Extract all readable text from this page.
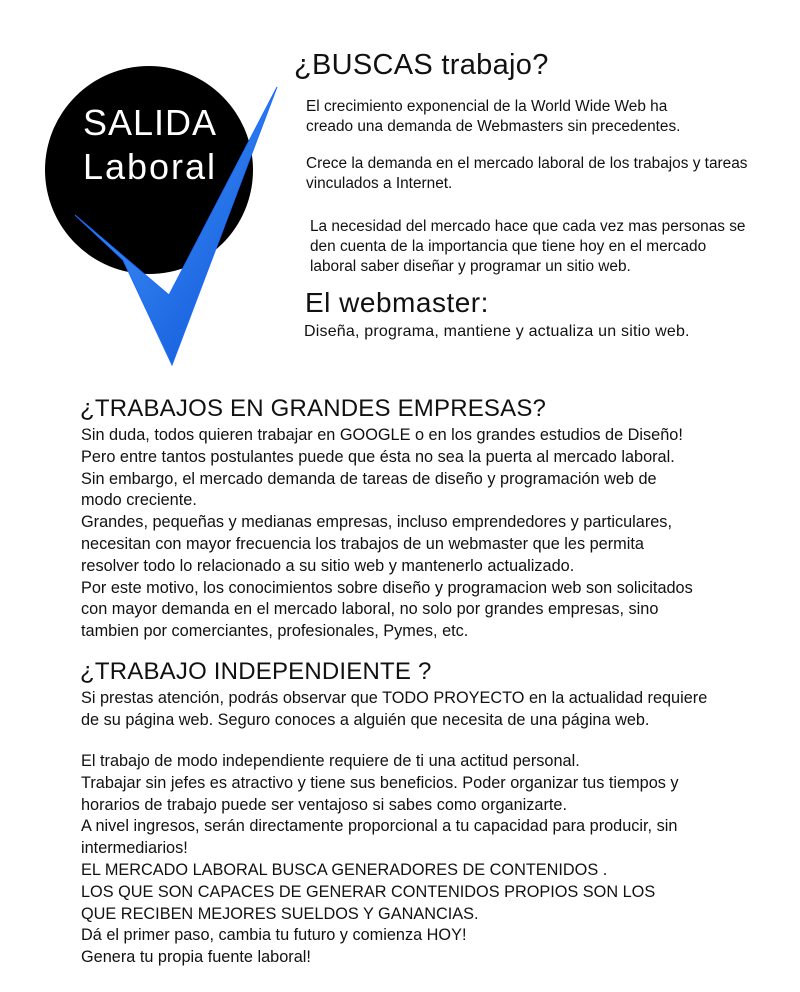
SALIDA
Laboral
¿BUSCAS trabajo?

El crecimiento exponencial de la World Wide Web ha
creado una demanda de Webmasters sin precedentes.

Crece la demanda en el mercado laboral de los trabajos y tareas
vinculados a Internet.

La necesidad del mercado hace que cada vez mas personas se
den cuenta de la importancia que tiene hoy en el mercado
laboral saber diseñar y programar un sitio web.

El webmaster:

Diseña, programa, mantiene y actualiza un sitio web.

¿TRABAJOS EN GRANDES EMPRESAS?

Sin duda, todos quieren trabajar en GOOGLE o en los grandes estudios de Diseño!
Pero entre tantos postulantes puede que ésta no sea la puerta al mercado laboral.
Sin embargo, el mercado demanda de tareas de diseño y programación web de
modo creciente.
Grandes, pequeñas y medianas empresas, incluso emprendedores y particulares,
necesitan con mayor frecuencia los trabajos de un webmaster que les permita
resolver todo lo relacionado a su sitio web y mantenerlo actualizado.
Por este motivo, los conocimientos sobre diseño y programacion web son solicitados
con mayor demanda en el mercado laboral, no solo por grandes empresas, sino
tambien por comerciantes, profesionales, Pymes, etc.

¿TRABAJO INDEPENDIENTE ?

Si prestas atención, podrás observar que TODO PROYECTO en la actualidad requiere
de su página web. Seguro conoces a alguién que necesita de una página web.

El trabajo de modo independiente requiere de ti una actitud personal.
Trabajar sin jefes es atractivo y tiene sus beneficios. Poder organizar tus tiempos y
horarios de trabajo puede ser ventajoso si sabes como organizarte.
A nivel ingresos, serán directamente proporcional a tu capacidad para producir, sin
intermediarios!
EL MERCADO LABORAL BUSCA GENERADORES DE CONTENIDOS .
LOS QUE SON CAPACES DE GENERAR CONTENIDOS PROPIOS SON LOS
QUE RECIBEN MEJORES SUELDOS Y GANANCIAS.
Dá el primer paso, cambia tu futuro y comienza HOY!
Genera tu propia fuente laboral!
